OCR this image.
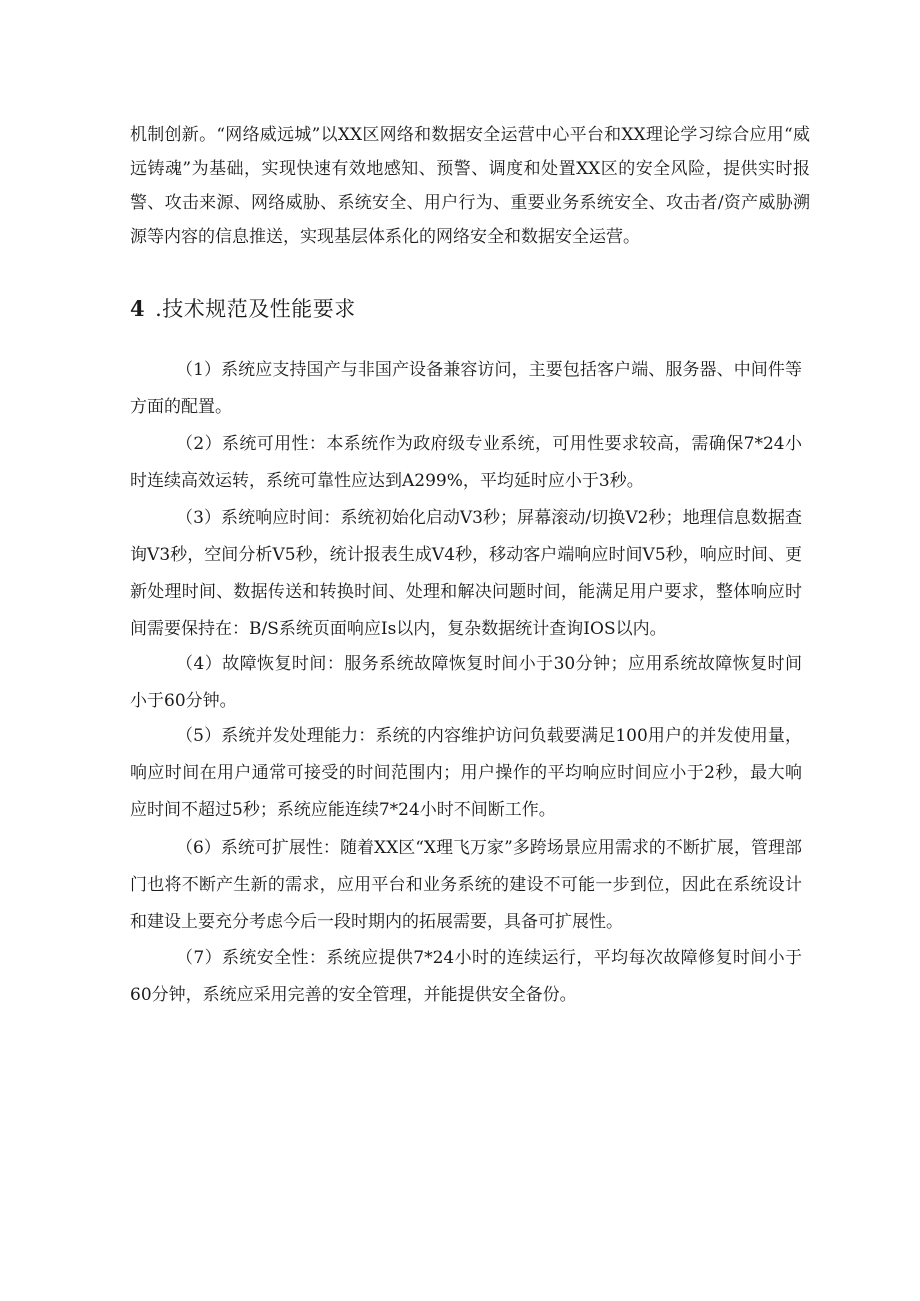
机制创新。“网络威远城”以XX区网络和数据安全运营中心平台和XX理论学习综合应用“威远铸魂”为基础，实现快速有效地感知、预警、调度和处置XX区的安全风险，提供实时报警、攻击来源、网络威胁、系统安全、用户行为、重要业务系统安全、攻击者/资产威胁溯源等内容的信息推送，实现基层体系化的网络安全和数据安全运营。

4 .技术规范及性能要求

（1）系统应支持国产与非国产设备兼容访问，主要包括客户端、服务器、中间件等方面的配置。

（2）系统可用性：本系统作为政府级专业系统，可用性要求较高，需确保7*24小时连续高效运转，系统可靠性应达到A299%，平均延时应小于3秒。

（3）系统响应时间：系统初始化启动V3秒；屏幕滚动/切换V2秒；地理信息数据查询V3秒，空间分析V5秒，统计报表生成V4秒，移动客户端响应时间V5秒，响应时间、更新处理时间、数据传送和转换时间、处理和解决问题时间，能满足用户要求，整体响应时间需要保持在：B/S系统页面响应Is以内，复杂数据统计查询IOS以内。

（4）故障恢复时间：服务系统故障恢复时间小于30分钟；应用系统故障恢复时间小于60分钟。

（5）系统并发处理能力：系统的内容维护访问负载要满足100用户的并发使用量，响应时间在用户通常可接受的时间范围内；用户操作的平均响应时间应小于2秒，最大响应时间不超过5秒；系统应能连续7*24小时不间断工作。

（6）系统可扩展性：随着XX区“X理飞万家”多跨场景应用需求的不断扩展，管理部门也将不断产生新的需求，应用平台和业务系统的建设不可能一步到位，因此在系统设计和建设上要充分考虑今后一段时期内的拓展需要，具备可扩展性。

（7）系统安全性：系统应提供7*24小时的连续运行，平均每次故障修复时间小于60分钟，系统应采用完善的安全管理，并能提供安全备份。
